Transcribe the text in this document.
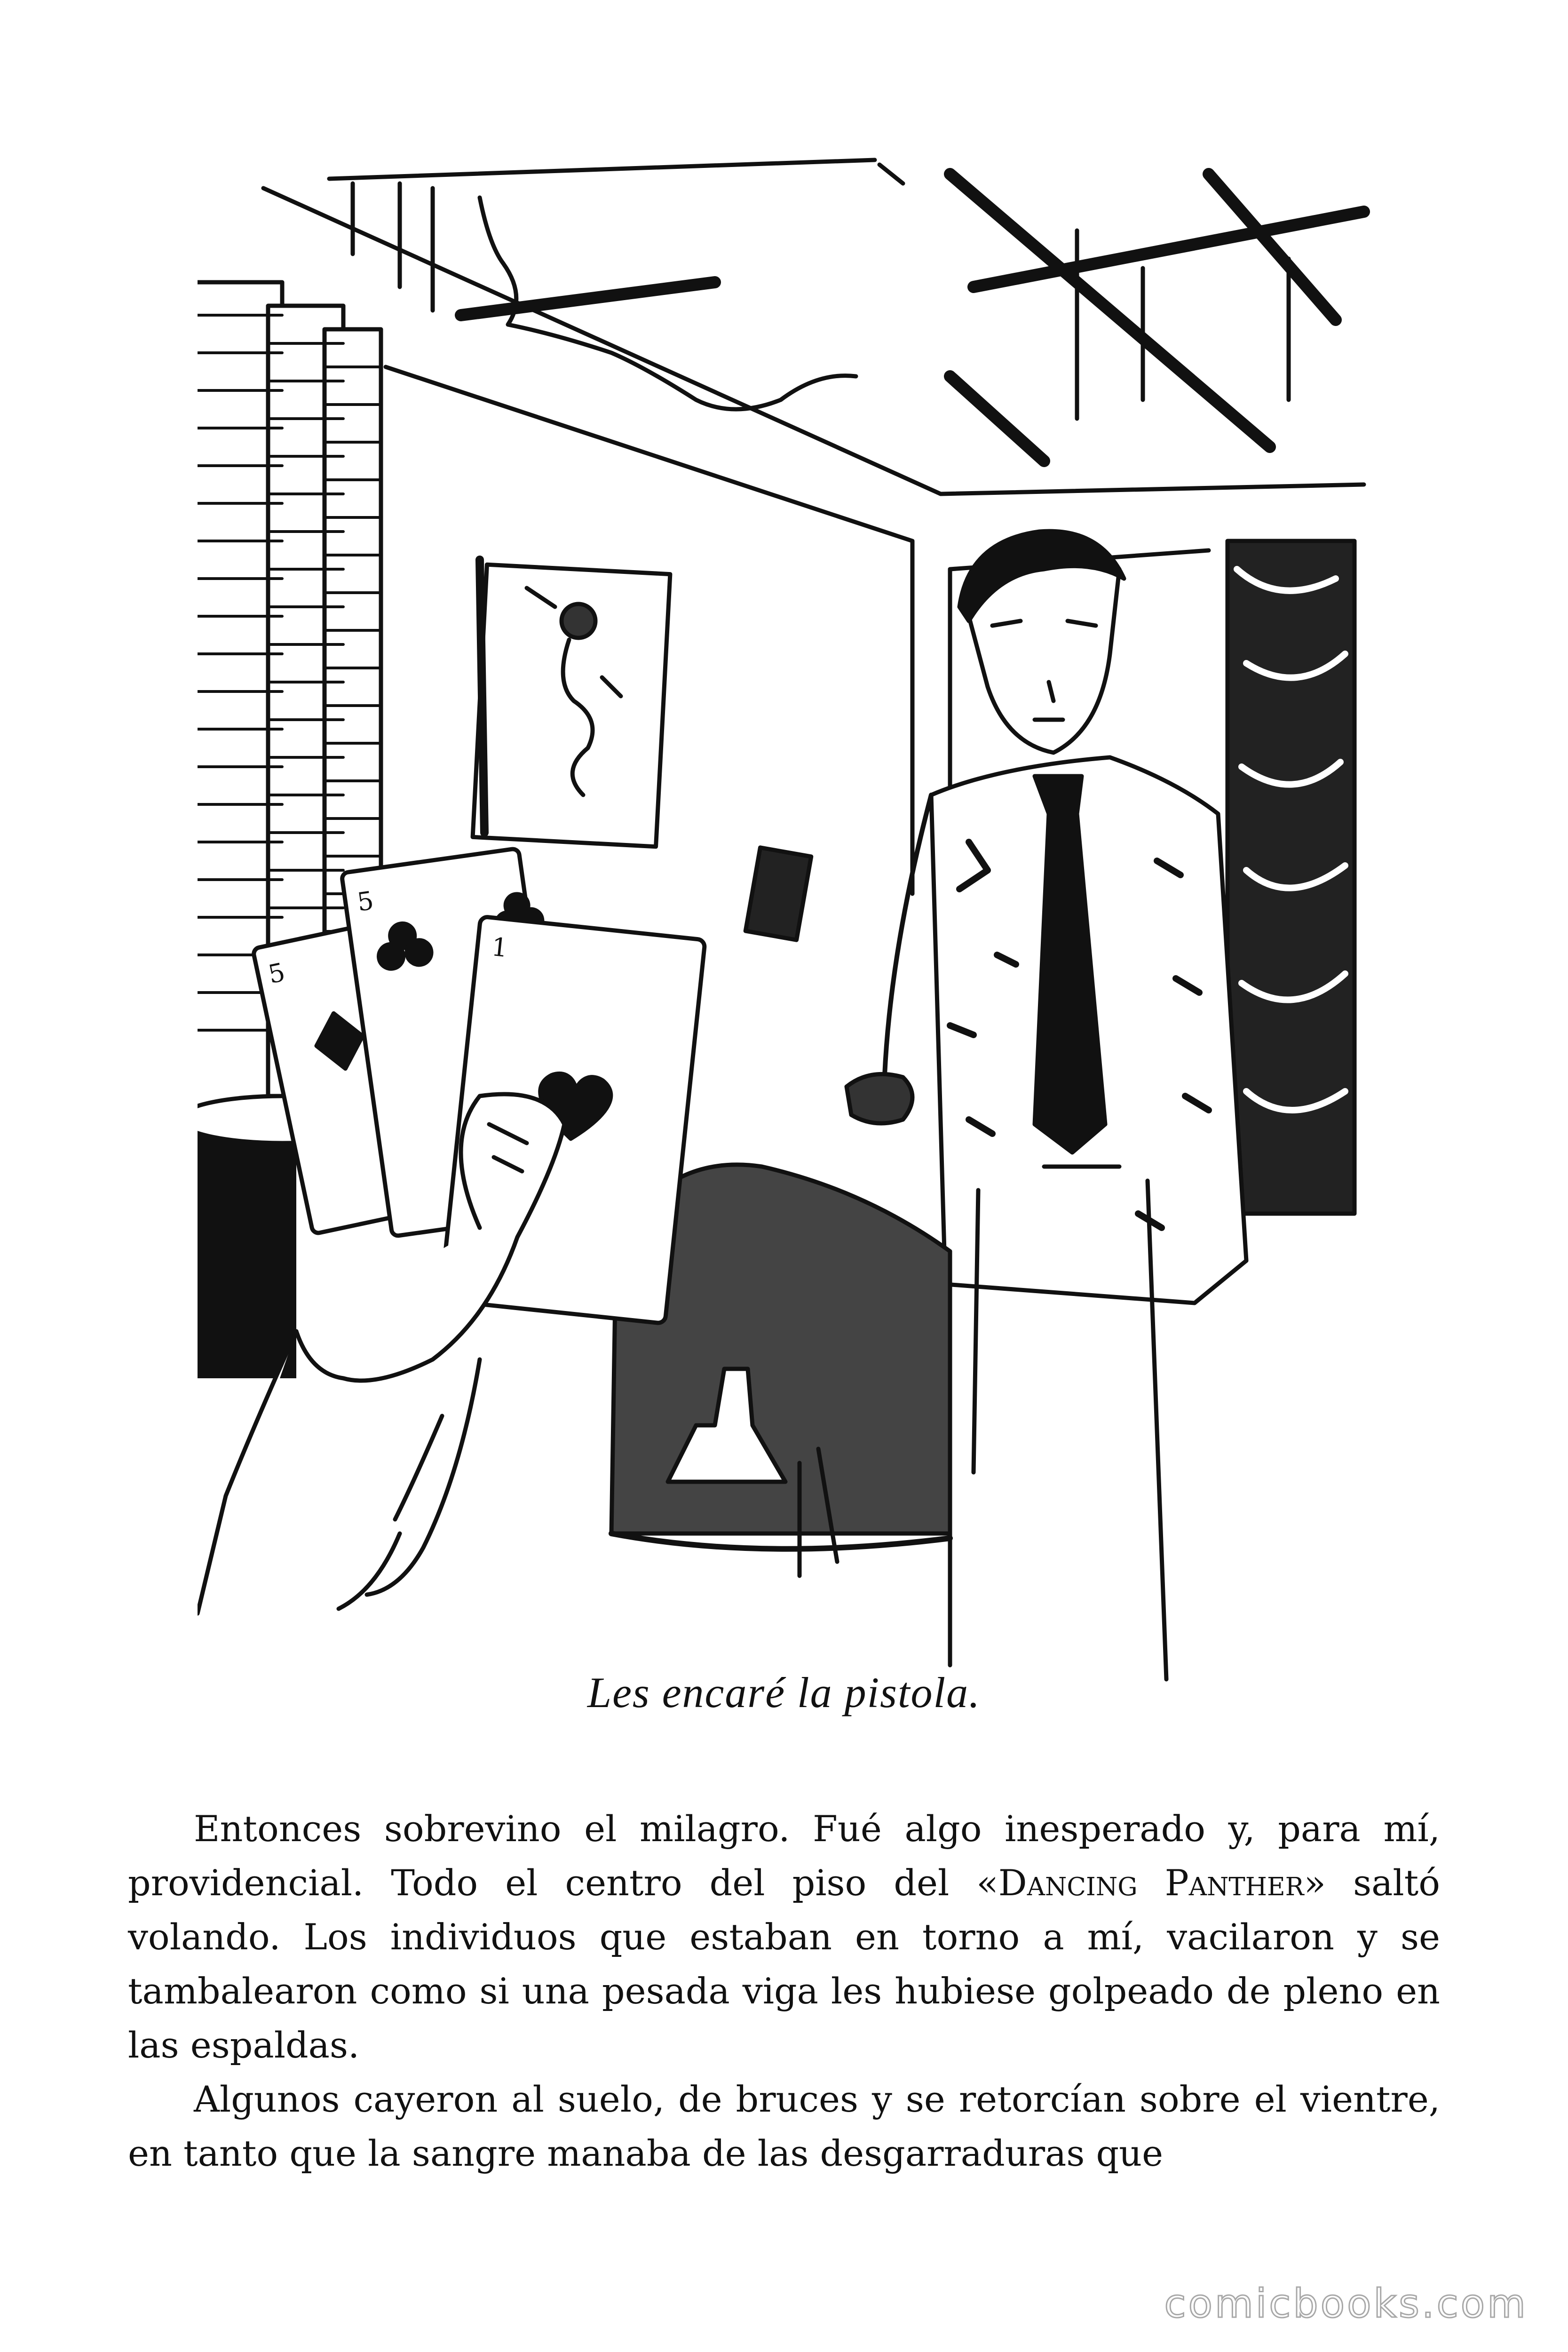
5
5
1
Les encaré la pistola.

Entonces sobrevino el milagro. Fué algo inesperado y, para mí, providencial. Todo el centro del piso del «Dancing Panther» saltó volando. Los individuos que estaban en torno a mí, vacilaron y se tambalearon como si una pesada viga les hubiese golpeado de pleno en las espaldas.

Algunos cayeron al suelo, de bruces y se retorcían sobre el vientre, en tanto que la sangre manaba de las desgarraduras que

comicbooks.com
